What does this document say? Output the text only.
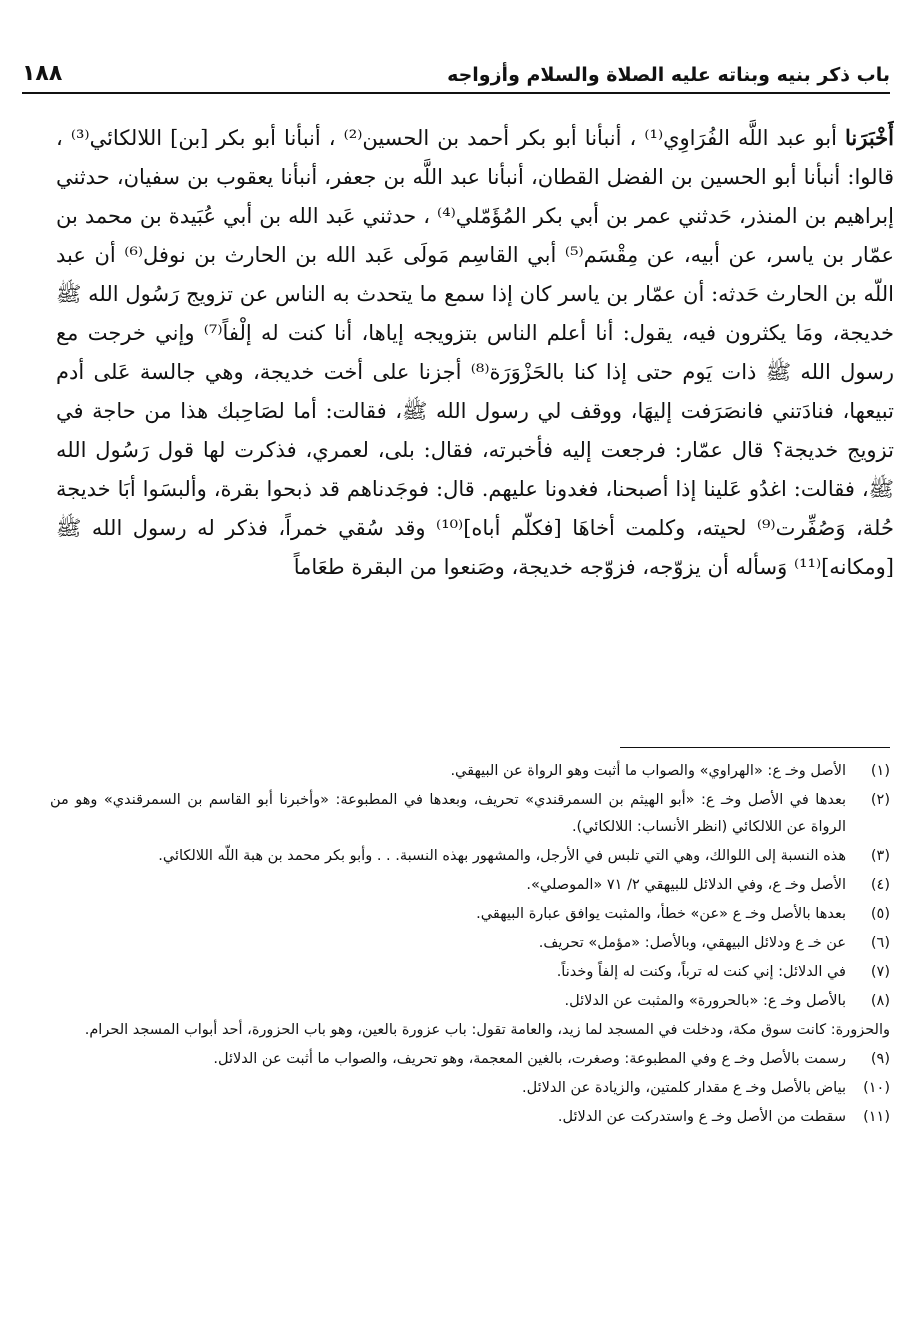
باب ذكر بنيه وبناته عليه الصلاة والسلام وأزواجه
١٨٨

أَخْبَرَنا أبو عبد اللَّه الفُرَاوِي⁽¹⁾ ، أنبأنا أبو بكر أحمد بن الحسين⁽²⁾ ، أنبأنا أبو بكر [بن] اللالكائي⁽³⁾ ، قالوا: أنبأنا أبو الحسين بن الفضل القطان، أنبأنا عبد اللَّه بن جعفر، أنبأنا يعقوب بن سفيان، حدثني إبراهيم بن المنذر، حَدثني عمر بن أبي بكر المُؤَمّلي⁽⁴⁾ ، حدثني عَبد الله بن أبي عُبَيدة بن محمد بن عمّار بن ياسر، عن أبيه، عن مِقْسَم⁽⁵⁾ أبي القاسِم مَولَى عَبد الله بن الحارث بن نوفل⁽⁶⁾ أن عبد اللّه بن الحارث حَدثه: أن عمّار بن ياسر كان إذا سمع ما يتحدث به الناس عن تزويج رَسُول الله ﷺ خديجة، ومَا يكثرون فيه، يقول: أنا أعلم الناس بتزويجه إياها، أنا كنت له إلْفاً⁽⁷⁾ وإني خرجت مع رسول الله ﷺ ذات يَوم حتى إذا كنا بالحَزْوَرَة⁽⁸⁾ أجزنا على أخت خديجة، وهي جالسة عَلى أدم تبيعها، فنادَتني فانصَرَفت إليهَا، ووقف لي رسول الله ﷺ، فقالت: أما لصَاحِبك هذا من حاجة في تزويج خديجة؟ قال عمّار: فرجعت إليه فأخبرته، فقال: بلى، لعمري، فذكرت لها قول رَسُول الله ﷺ، فقالت: اغدُو عَلينا إذا أصبحنا، فغدونا عليهم. قال: فوجَدناهم قد ذبحوا بقرة، وألبسَوا أبَا خديجة حُلة، وَصُفِّرت⁽⁹⁾ لحيته، وكلمت أخاهَا [فكلّم أباه]⁽¹⁰⁾ وقد سُقي خمراً، فذكر له رسول الله ﷺ [ومكانه]⁽¹¹⁾ وَسأله أن يزوّجه، فزوّجه خديجة، وصَنعوا من البقرة طعَاماً

(١)
الأصل وخـ ع: «الهراوي» والصواب ما أثبت وهو الرواة عن البيهقي.
(٢)
بعدها في الأصل وخـ ع: «أبو الهيثم بن السمرقندي» تحريف، وبعدها في المطبوعة: «وأخبرنا أبو القاسم بن السمرقندي» وهو من الرواة عن اللالكائي (انظر الأنساب: اللالكائي).
(٣)
هذه النسبة إلى اللوالك، وهي التي تلبس في الأرجل، والمشهور بهذه النسبة. . . وأبو بكر محمد بن هبة اللّه اللالكائي.
(٤)
الأصل وخـ ع، وفي الدلائل للبيهقي ٢/ ٧١ «الموصلي».
(٥)
بعدها بالأصل وخـ ع «عن» خطأ، والمثبت يوافق عبارة البيهقي.
(٦)
عن خـ ع ودلائل البيهقي، وبالأصل: «مؤمل» تحريف.
(٧)
في الدلائل: إني كنت له ترباً، وكنت له إلفاً وخدناً.
(٨)
بالأصل وخـ ع: «بالحرورة» والمثبت عن الدلائل.
والحزورة: كانت سوق مكة، ودخلت في المسجد لما زيد، والعامة تقول: باب عزورة بالعين، وهو باب الحزورة، أحد أبواب المسجد الحرام.
(٩)
رسمت بالأصل وخـ ع وفي المطبوعة: وصغرت، بالغين المعجمة، وهو تحريف، والصواب ما أثبت عن الدلائل.
(١٠)
بياض بالأصل وخـ ع مقدار كلمتين، والزيادة عن الدلائل.
(١١)
سقطت من الأصل وخـ ع واستدركت عن الدلائل.
